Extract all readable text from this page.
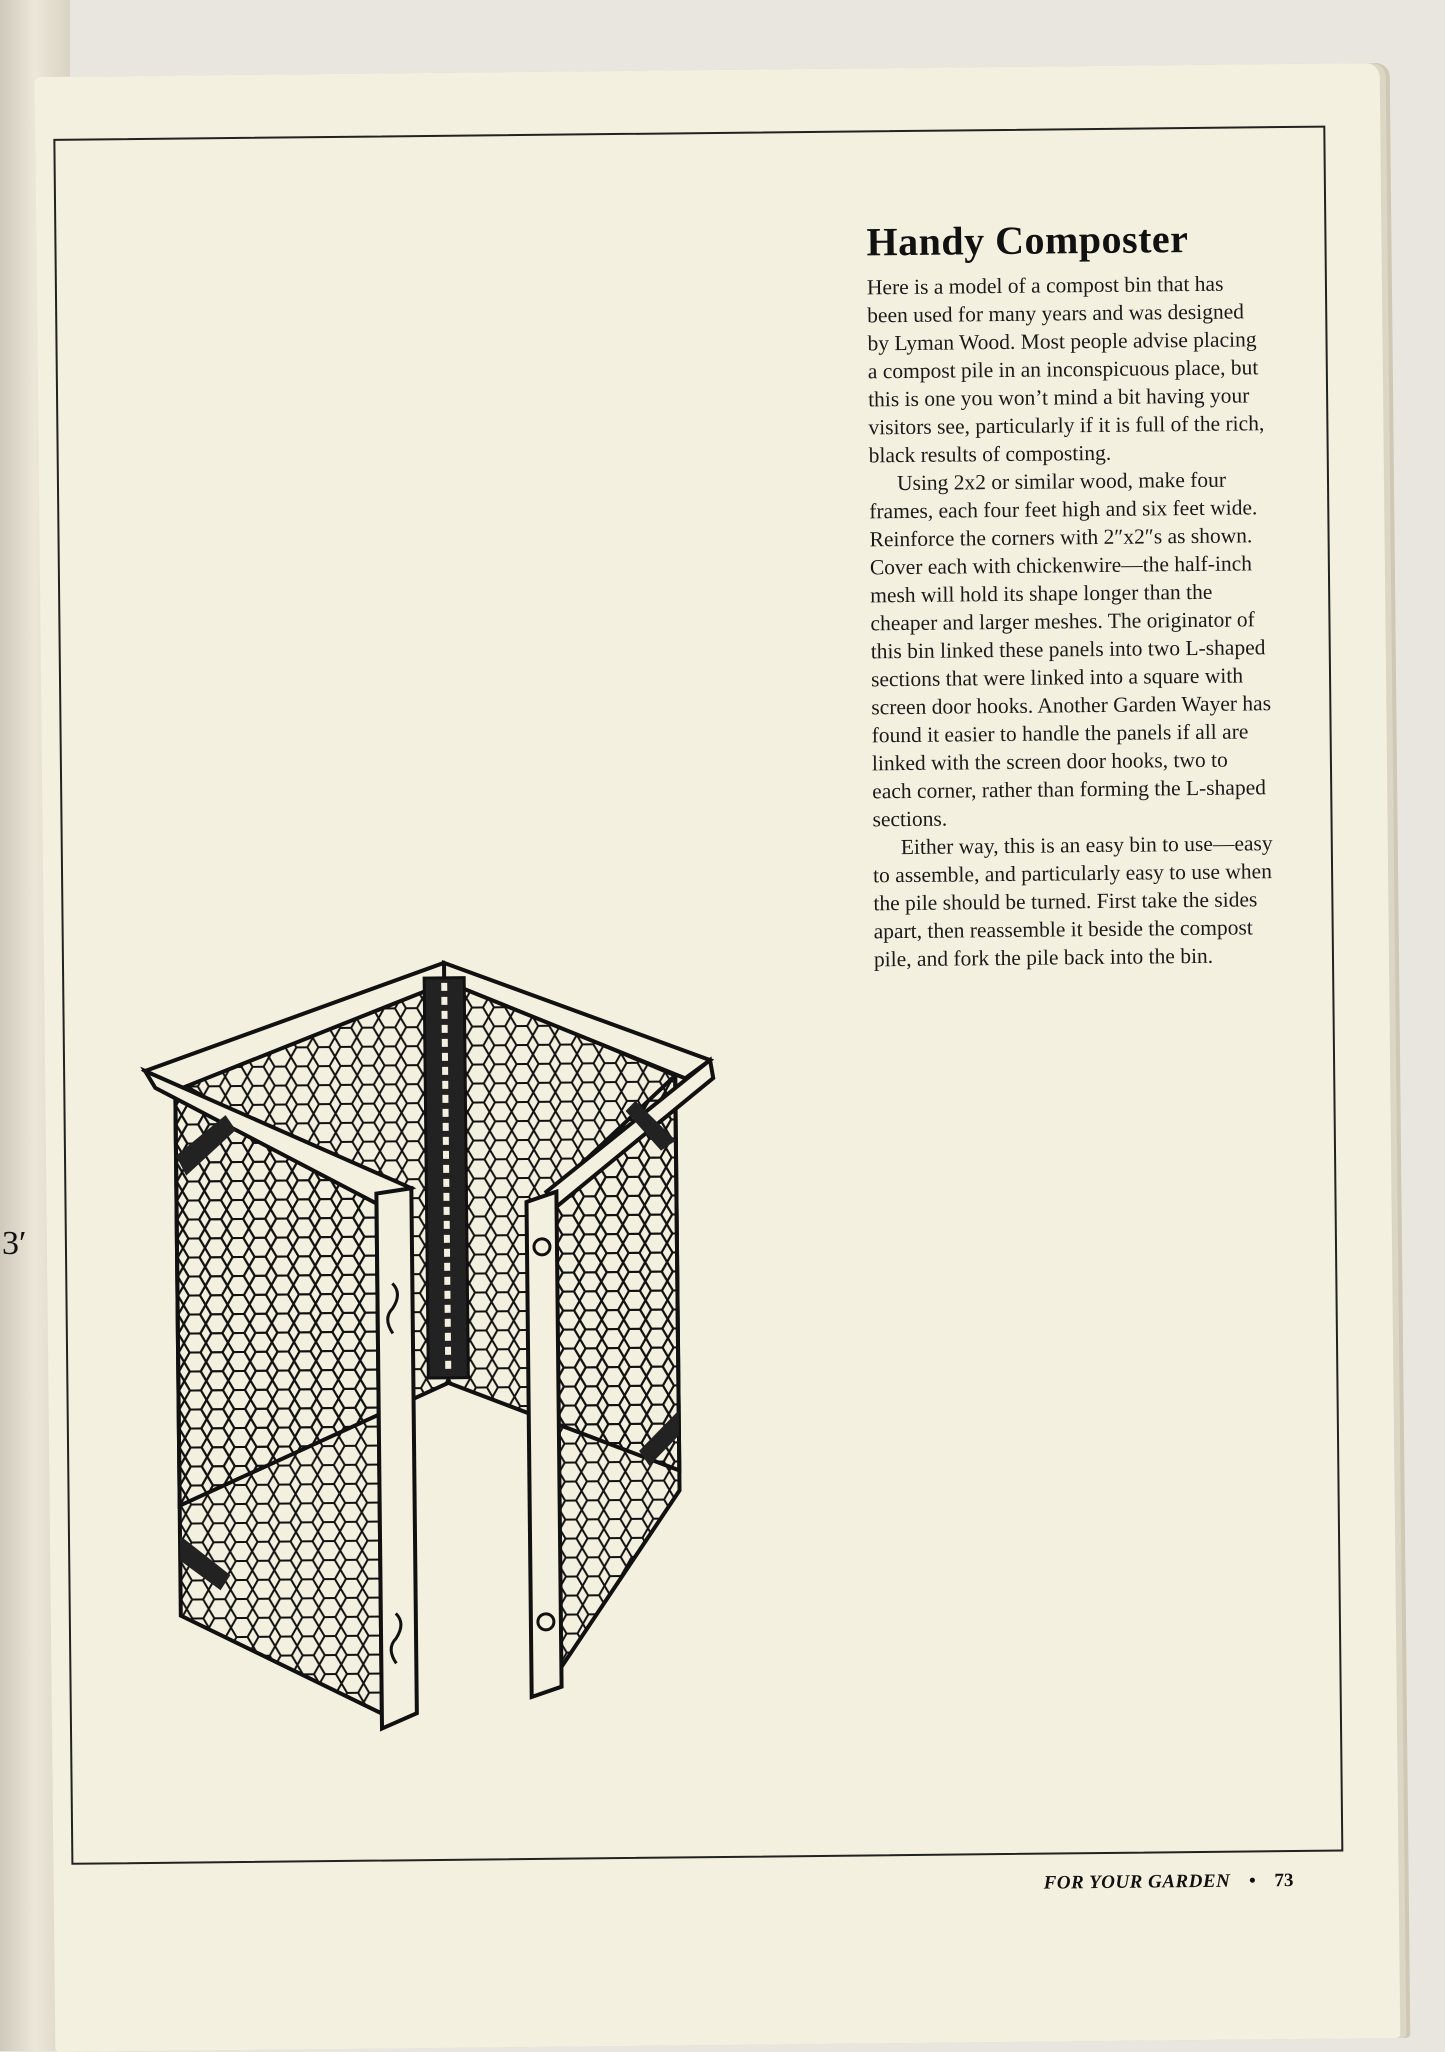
Handy Composter

Here is a model of a compost bin that has been used for many years and was designed by Lyman Wood. Most people advise placing a compost pile in an inconspicuous place, but this is one you won’t mind a bit having your visitors see, particularly if it is full of the rich, black results of composting.

Using 2x2 or similar wood, make four frames, each four feet high and six feet wide. Reinforce the corners with 2″x2″s as shown. Cover each with chickenwire—the half-inch mesh will hold its shape longer than the cheaper and larger meshes. The originator of this bin linked these panels into two L-shaped sections that were linked into a square with screen door hooks. Another Garden Wayer has found it easier to handle the panels if all are linked with the screen door hooks, two to each corner, rather than forming the L-shaped sections.

Either way, this is an easy bin to use—easy to assemble, and particularly easy to use when the pile should be turned. First take the sides apart, then reassemble it beside the compost pile, and fork the pile back into the bin.

FOR YOUR GARDEN • 73
3′
